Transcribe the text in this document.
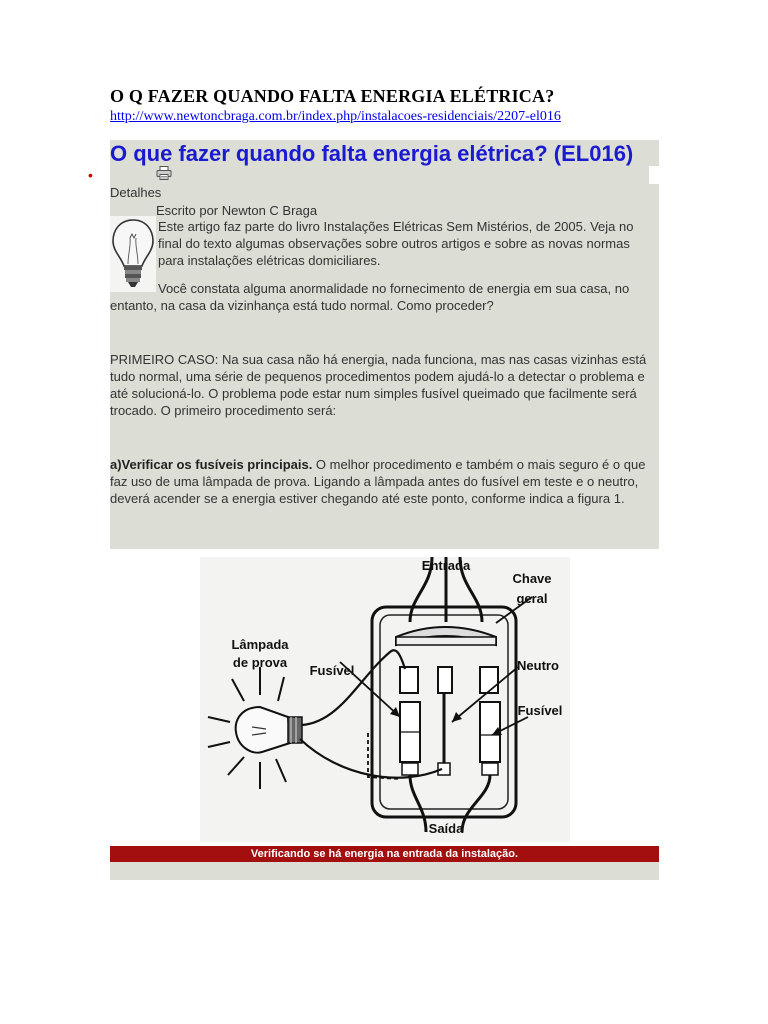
O Q FAZER QUANDO FALTA ENERGIA ELÉTRICA?
http://www.newtoncbraga.com.br/index.php/instalacoes-residenciais/2207-el016
O que fazer quando falta energia elétrica? (EL016)
•
Detalhes
Escrito por Newton C Braga

Este artigo faz parte do livro Instalações Elétricas Sem Mistérios, de 2005. Veja no final do texto algumas observações sobre outros artigos e sobre as novas normas para instalações elétricas domiciliares.

Você constata alguma anormalidade no fornecimento de energia em sua casa, no entanto, na casa da vizinhança está tudo normal. Como proceder?

PRIMEIRO CASO: Na sua casa não há energia, nada funciona, mas nas casas vizinhas está tudo normal, uma série de pequenos procedimentos podem ajudá-lo a detectar o problema e até solucioná-lo. O problema pode estar num simples fusível queimado que facilmente será trocado. O primeiro procedimento será:

a)Verificar os fusíveis principais. O melhor procedimento e também o mais seguro é o que faz uso de uma lâmpada de prova. Ligando a lâmpada antes do fusível em teste e o neutro, deverá acender se a energia estiver chegando até este ponto, conforme indica a figura 1.

Entrada
Chave
geral
Lâmpada
de prova
Fusível	Neutro
Fusível
Saída
Verificando se há energia na entrada da instalação.
